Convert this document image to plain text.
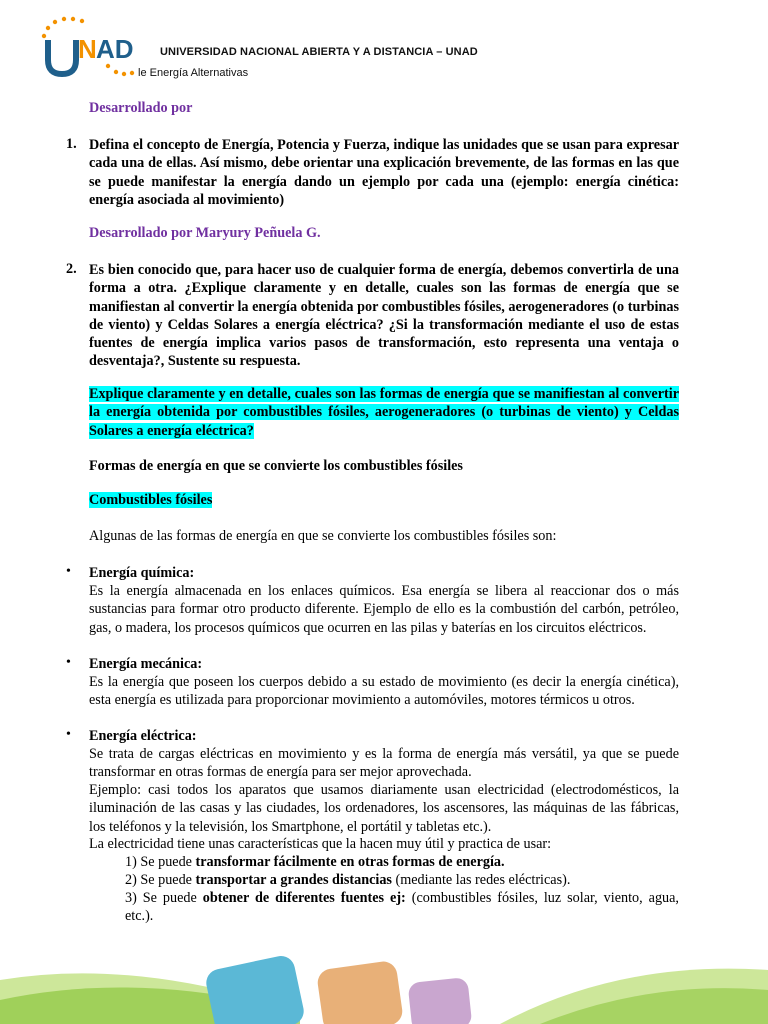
N AD UNIVERSIDAD NACIONAL ABIERTA Y A DISTANCIA – UNAD
le Energía Alternativas
Desarrollado por
1. Defina el concepto de Energía, Potencia y Fuerza, indique las unidades que se usan para expresar cada una de ellas. Así mismo, debe orientar una explicación brevemente, de las formas en las que se puede manifestar la energía dando un ejemplo por cada una (ejemplo: energía cinética: energía asociada al movimiento)
Desarrollado por Maryury Peñuela G.
2. Es bien conocido que, para hacer uso de cualquier forma de energía, debemos convertirla de una forma a otra. ¿Explique claramente y en detalle, cuales son las formas de energía que se manifiestan al convertir la energía obtenida por combustibles fósiles, aerogeneradores (o turbinas de viento) y Celdas Solares a energía eléctrica? ¿Si la transformación mediante el uso de estas fuentes de energía implica varios pasos de transformación, esto representa una ventaja o desventaja?, Sustente su respuesta.
Explique claramente y en detalle, cuales son las formas de energía que se manifiestan al convertir la energía obtenida por combustibles fósiles, aerogeneradores (o turbinas de viento) y Celdas Solares a energía eléctrica?
Formas de energía en que se convierte los combustibles fósiles
Combustibles fósiles
Algunas de las formas de energía en que se convierte los combustibles fósiles son:
• Energía química:
Es la energía almacenada en los enlaces químicos. Esa energía se libera al reaccionar dos o más sustancias para formar otro producto diferente. Ejemplo de ello es la combustión del carbón, petróleo, gas, o madera, los procesos químicos que ocurren en las pilas y baterías en los circuitos eléctricos.
• Energía mecánica:
Es la energía que poseen los cuerpos debido a su estado de movimiento (es decir la energía cinética), esta energía es utilizada para proporcionar movimiento a automóviles, motores térmicos u otros.
• Energía eléctrica:
Se trata de cargas eléctricas en movimiento y es la forma de energía más versátil, ya que se puede transformar en otras formas de energía para ser mejor aprovechada.
Ejemplo: casi todos los aparatos que usamos diariamente usan electricidad (electrodomésticos, la iluminación de las casas y las ciudades, los ordenadores, los ascensores, las máquinas de las fábricas, los teléfonos y la televisión, los Smartphone, el portátil y tabletas etc.).
La electricidad tiene unas características que la hacen muy útil y practica de usar:
1) Se puede transformar fácilmente en otras formas de energía.
2) Se puede transportar a grandes distancias (mediante las redes eléctricas).
3) Se puede obtener de diferentes fuentes ej: (combustibles fósiles, luz solar, viento, agua, etc.).
